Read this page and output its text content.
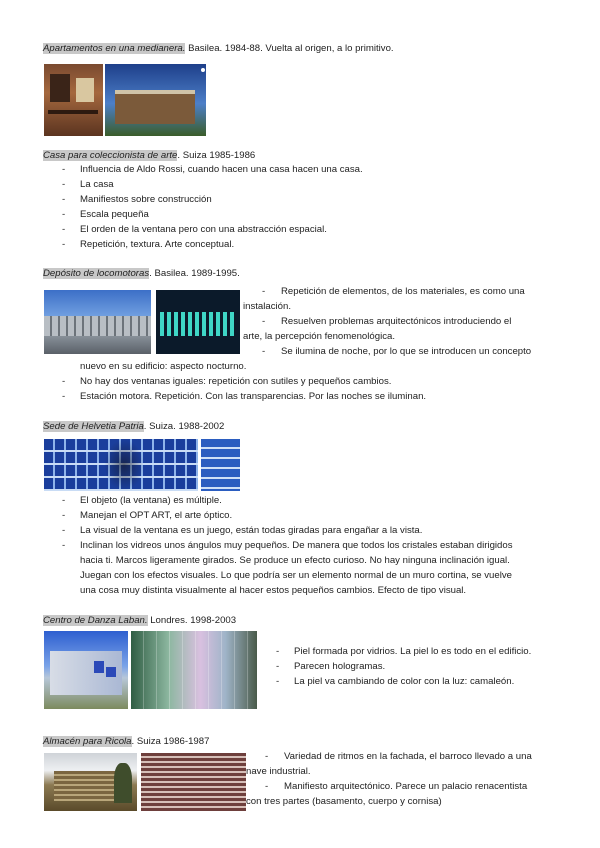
Apartamentos en una medianera. Basilea. 1984-88. Vuelta al origen, a lo primitivo.
Casa para coleccionista de arte. Suiza 1985-1986
- Influencia de Aldo Rossi, cuando hacen una casa hacen una casa.
- La casa
- Manifiestos sobre construcción
- Escala pequeña
- El orden de la ventana pero con una abstracción espacial.
- Repetición, textura. Arte conceptual.
Depósito de locomotoras. Basilea. 1989-1995.
- Repetición de elementos, de los materiales, es como una
instalación.
- Resuelven problemas arquitectónicos introduciendo el
arte, la percepción fenomenológica.
- Se ilumina de noche, por lo que se introducen un concepto
nuevo en su edificio: aspecto nocturno.
- No hay dos ventanas iguales: repetición con sutiles y pequeños cambios.
- Estación motora. Repetición. Con las transparencias. Por las noches se iluminan.
Sede de Helvetia Patria. Suiza. 1988-2002
- El objeto (la ventana) es múltiple.
- Manejan el OPT ART, el arte óptico.
- La visual de la ventana es un juego, están todas giradas para engañar a la vista.
- Inclinan los vidreos unos ángulos muy pequeños. De manera que todos los cristales estaban dirigidos
hacia ti. Marcos ligeramente girados. Se produce un efecto curioso. No hay ninguna inclinación igual.
Juegan con los efectos visuales. Lo que podría ser un elemento normal de un muro cortina, se vuelve
una cosa muy distinta visualmente al hacer estos pequeños cambios. Efecto de tipo visual.
Centro de Danza Laban. Londres. 1998-2003
- Piel formada por vidrios. La piel lo es todo en el edificio.
- Parecen hologramas.
- La piel va cambiando de color con la luz: camaleón.
Almacén para Ricola. Suiza 1986-1987
- Variedad de ritmos en la fachada, el barroco llevado a una
nave industrial.
- Manifiesto arquitectónico. Parece un palacio renacentista
con tres partes (basamento, cuerpo y cornisa)
